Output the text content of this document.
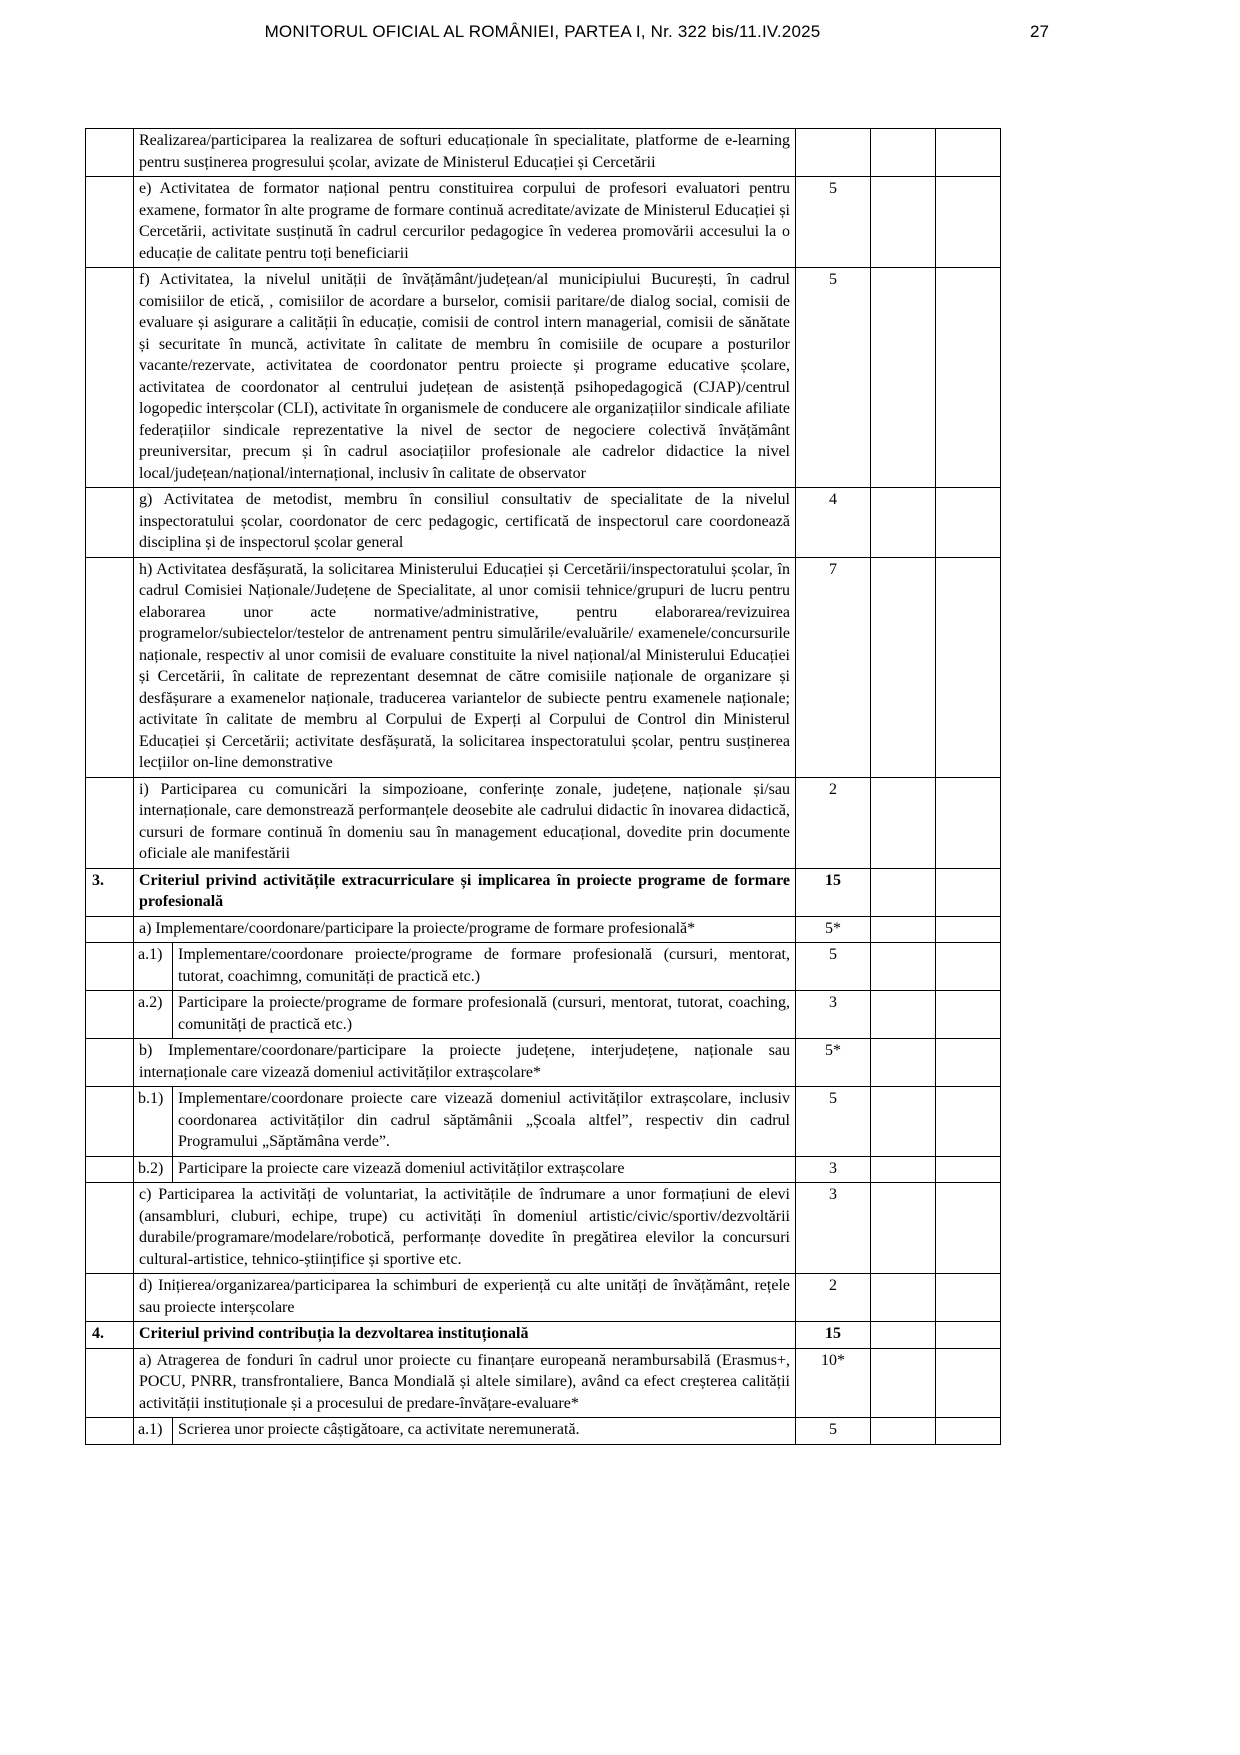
MONITORUL OFICIAL AL ROMÂNIEI, PARTEA I, Nr. 322 bis/11.IV.2025	27
	Realizarea/participarea la realizarea de softuri educaționale în specialitate, platforme de e-learning pentru susținerea progresului școlar, avizate de Ministerul Educației și Cercetării				
	e) Activitatea de formator național pentru constituirea corpului de profesori evaluatori pentru examene, formator în alte programe de formare continuă acreditate/avizate de Ministerul Educației și Cercetării, activitate susținută în cadrul cercurilor pedagogice în vederea promovării accesului la o educație de calitate pentru toți beneficiarii		5		
	f) Activitatea, la nivelul unității de învățământ/județean/al municipiului București, în cadrul comisiilor de etică, , comisiilor de acordare a burselor, comisii paritare/de dialog social, comisii de evaluare și asigurare a calității în educație, comisii de control intern managerial, comisii de sănătate și securitate în muncă, activitate în calitate de membru în comisiile de ocupare a posturilor vacante/rezervate, activitatea de coordonator pentru proiecte și programe educative școlare, activitatea de coordonator al centrului județean de asistență psihopedagogică (CJAP)/centrul logopedic interșcolar (CLI), activitate în organismele de conducere ale organizațiilor sindicale afiliate federațiilor sindicale reprezentative la nivel de sector de negociere colectivă învățământ preuniversitar, precum și în cadrul asociațiilor profesionale ale cadrelor didactice la nivel local/județean/național/internațional, inclusiv în calitate de observator		5		
	g) Activitatea de metodist, membru în consiliul consultativ de specialitate de la nivelul inspectoratului școlar, coordonator de cerc pedagogic, certificată de inspectorul care coordonează disciplina și de inspectorul școlar general		4		
	h) Activitatea desfășurată, la solicitarea Ministerului Educației și Cercetării/inspectoratului școlar, în cadrul Comisiei Naționale/Județene de Specialitate, al unor comisii tehnice/grupuri de lucru pentru elaborarea unor acte normative/administrative, pentru elaborarea/revizuirea programelor/subiectelor/testelor de antrenament pentru simulările/evaluările/ examenele/concursurile naționale, respectiv al unor comisii de evaluare constituite la nivel național/al Ministerului Educației și Cercetării, în calitate de reprezentant desemnat de către comisiile naționale de organizare și desfășurare a examenelor naționale, traducerea variantelor de subiecte pentru examenele naționale; activitate în calitate de membru al Corpului de Experți al Corpului de Control din Ministerul Educației și Cercetării; activitate desfășurată, la solicitarea inspectoratului școlar, pentru susținerea lecțiilor on-line demonstrative		7		
	i) Participarea cu comunicări la simpozioane, conferințe zonale, județene, naționale și/sau internaționale, care demonstrează performanțele deosebite ale cadrului didactic în inovarea didactică, cursuri de formare continuă în domeniu sau în management educațional, dovedite prin documente oficiale ale manifestării		2		
3.	Criteriul privind activitățile extracurriculare și implicarea în proiecte programe de formare profesională		15		
	a) Implementare/coordonare/participare la proiecte/programe de formare profesională*		5*		
	a.1)	Implementare/coordonare proiecte/programe de formare profesională (cursuri, mentorat, tutorat, coachimng, comunități de practică etc.)	5		
	a.2)	Participare la proiecte/programe de formare profesională (cursuri, mentorat, tutorat, coaching, comunități de practică etc.)	3		
	b) Implementare/coordonare/participare la proiecte județene, interjudețene, naționale sau internaționale care vizează domeniul activităților extrașcolare*		5*		
	b.1)	Implementare/coordonare proiecte care vizează domeniul activităților extrașcolare, inclusiv coordonarea activităților din cadrul săptămânii „Școala altfel”, respectiv din cadrul Programului „Săptămâna verde”.	5		
	b.2)	Participare la proiecte care vizează domeniul activităților extrașcolare	3		
	c) Participarea la activități de voluntariat, la activitățile de îndrumare a unor formațiuni de elevi (ansambluri, cluburi, echipe, trupe) cu activități în domeniul artistic/civic/sportiv/dezvoltării durabile/programare/modelare/robotică, performanțe dovedite în pregătirea elevilor la concursuri cultural-artistice, tehnico-științifice și sportive etc.		3		
	d) Inițierea/organizarea/participarea la schimburi de experiență cu alte unități de învățământ, rețele sau proiecte interșcolare		2		
4.	Criteriul privind contribuția la dezvoltarea instituțională		15		
	a) Atragerea de fonduri în cadrul unor proiecte cu finanțare europeană nerambursabilă (Erasmus+, POCU, PNRR, transfrontaliere, Banca Mondială și altele similare), având ca efect creșterea calității activității instituționale și a procesului de predare-învățare-evaluare*		10*		
	a.1)	Scrierea unor proiecte câștigătoare, ca activitate neremunerată.	5		
